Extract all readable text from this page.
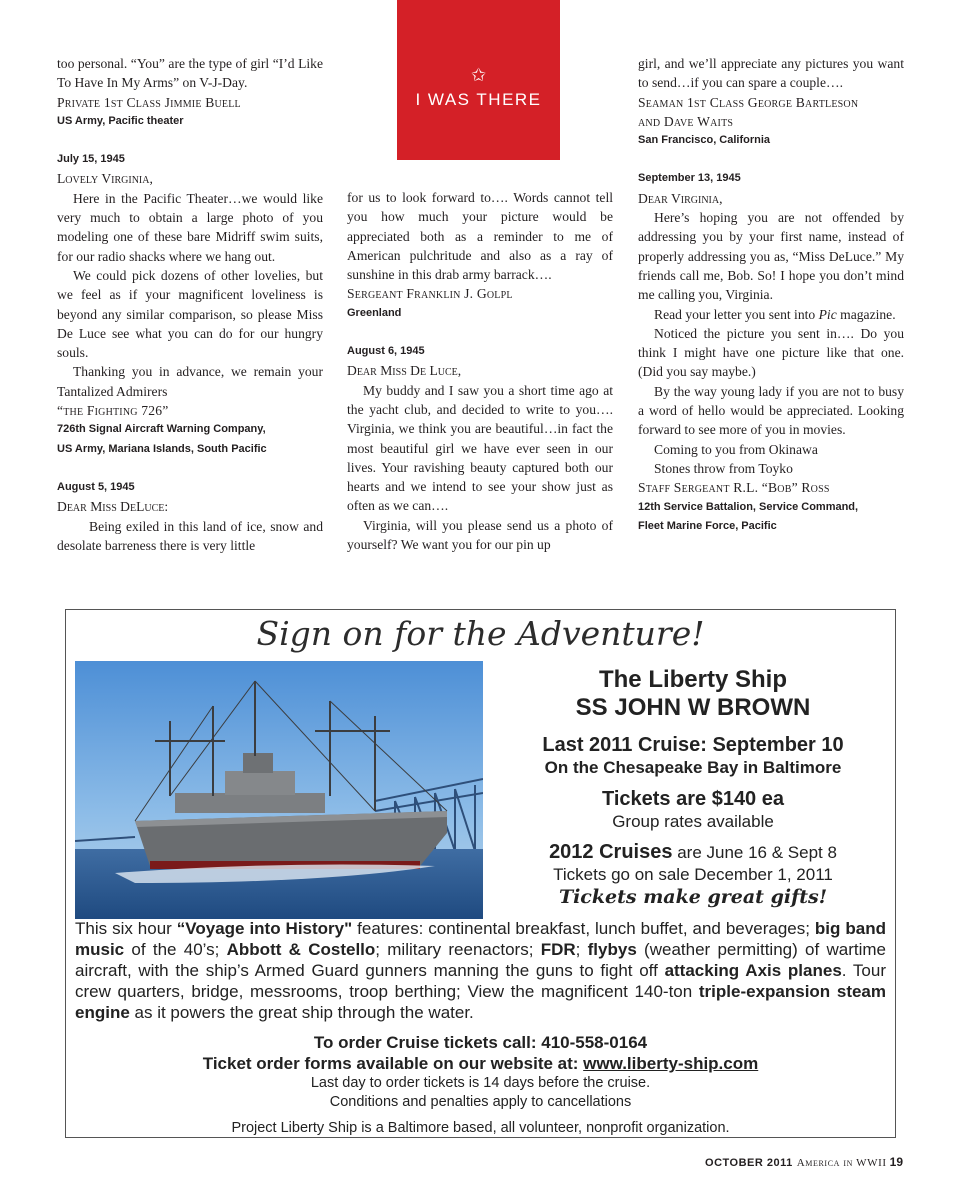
too personal. “You” are the type of girl “I’d Like To Have In My Arms” on V-J-Day.

Private 1st Class Jimmie Buell

US Army, Pacific theater

July 15, 1945

Lovely Virginia,

Here in the Pacific Theater…we would like very much to obtain a large photo of you modeling one of these bare Midriff swim suits, for our radio shacks where we hang out.

We could pick dozens of other lovelies, but we feel as if your magnificent loveliness is beyond any similar comparison, so please Miss De Luce see what you can do for our hungry souls.

Thanking you in advance, we remain your Tantalized Admirers

“the Fighting 726”

726th Signal Aircraft Warning Company,

US Army, Mariana Islands, South Pacific

August 5, 1945

Dear Miss DeLuce:

Being exiled in this land of ice, snow and desolate barreness there is very little

✩
I WAS THERE

for us to look forward to…. Words cannot tell you how much your picture would be appreciated both as a reminder to me of American pulchritude and also as a ray of sunshine in this drab army barrack….

Sergeant Franklin J. Golpl

Greenland

August 6, 1945

Dear Miss De Luce,

My buddy and I saw you a short time ago at the yacht club, and decided to write to you…. Virginia, we think you are beautiful…in fact the most beautiful girl we have ever seen in our lives. Your ravishing beauty captured both our hearts and we intend to see your show just as often as we can….

Virginia, will you please send us a photo of yourself? We want you for our pin up

girl, and we’ll appreciate any pictures you want to send…if you can spare a couple….

Seaman 1st Class George Bartleson

and Dave Waits

San Francisco, California

September 13, 1945

Dear Virginia,

Here’s hoping you are not offended by addressing you by your first name, instead of properly addressing you as, “Miss DeLuce.” My friends call me, Bob. So! I hope you don’t mind me calling you, Virginia.

Read your letter you sent into Pic magazine.

Noticed the picture you sent in…. Do you think I might have one picture like that one. (Did you say maybe.)

By the way young lady if you are not to busy a word of hello would be appreciated. Looking forward to see more of you in movies.

Coming to you from Okinawa

Stones throw from Toyko

Staff Sergeant R.L. “Bob” Ross

12th Service Battalion, Service Command,

Fleet Marine Force, Pacific

Sign on for the Adventure!
The Liberty Ship
SS JOHN W BROWN
Last 2011 Cruise: September 10
On the Chesapeake Bay in Baltimore
Tickets are $140 ea
Group rates available
2012 Cruises are June 16 & Sept 8
Tickets go on sale December 1, 2011
Tickets make great gifts!
This six hour “Voyage into History" features: continental breakfast, lunch buffet, and beverages; big band music of the 40’s; Abbott & Costello; military reenactors; FDR; flybys (weather permitting) of wartime aircraft, with the ship’s Armed Guard gunners manning the guns to fight off attacking Axis planes. Tour crew quarters, bridge, messrooms, troop berthing; View the magnificent 140-ton triple-expansion steam engine as it powers the great ship through the water.
To order Cruise tickets call: 410-558-0164
Ticket order forms available on our website at: www.liberty-ship.com
Last day to order tickets is 14 days before the cruise.
Conditions and penalties apply to cancellations
Project Liberty Ship is a Baltimore based, all volunteer, nonprofit organization.
OCTOBER 2011 America in WWII 19
